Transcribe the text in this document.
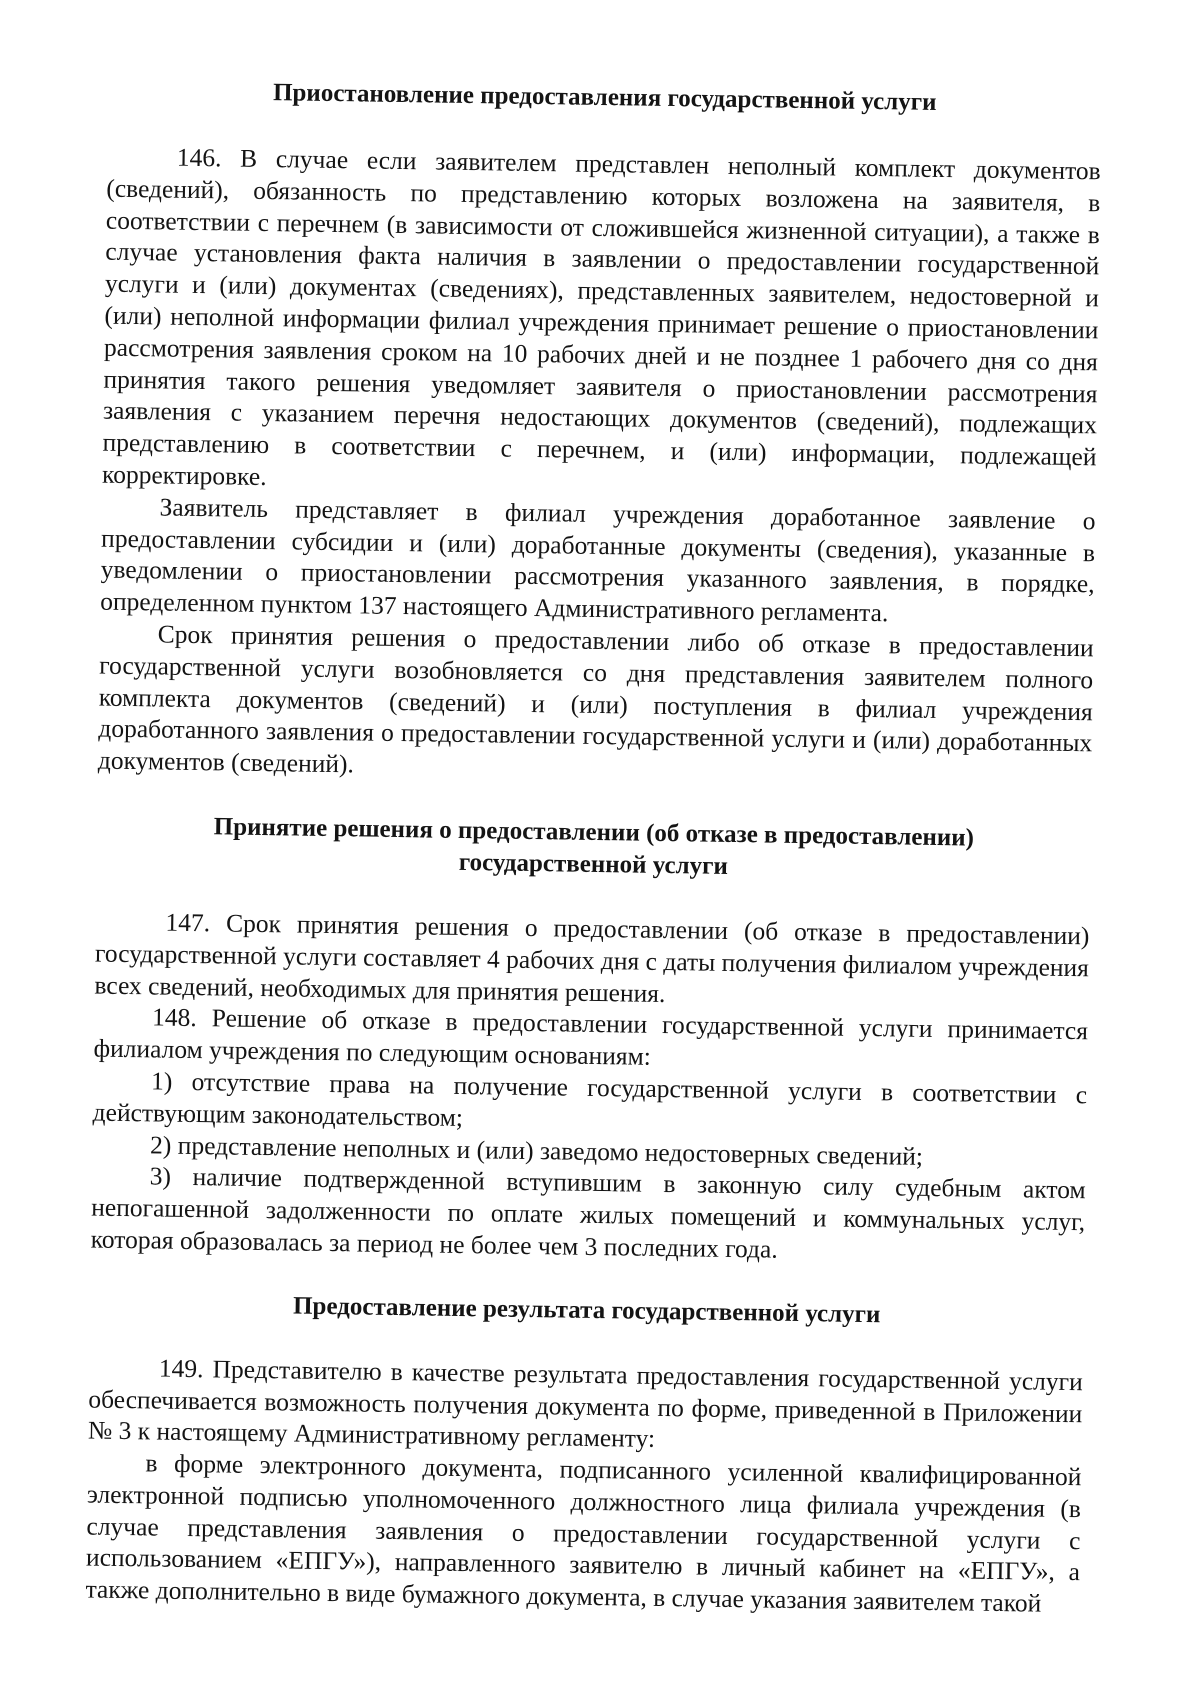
Приостановление предоставления государственной услуги

146. В случае если заявителем представлен неполный комплект документов (сведений), обязанность по представлению которых возложена на заявителя, в соответствии с перечнем (в зависимости от сложившейся жизненной ситуации), а также в случае установления факта наличия в заявлении о предоставлении государственной услуги и (или) документах (сведениях), представленных заявителем, недостоверной и (или) неполной информации филиал учреждения принимает решение о приостановлении рассмотрения заявления сроком на 10 рабочих дней и не позднее 1 рабочего дня со дня принятия такого решения уведомляет заявителя о приостановлении рассмотрения заявления с указанием перечня недостающих документов (сведений), подлежащих представлению в соответствии с перечнем, и (или) информации, подлежащей корректировке.

Заявитель представляет в филиал учреждения доработанное заявление о предоставлении субсидии и (или) доработанные документы (сведения), указанные в уведомлении о приостановлении рассмотрения указанного заявления, в порядке, определенном пунктом 137 настоящего Административного регламента.

Срок принятия решения о предоставлении либо об отказе в предоставлении государственной услуги возобновляется со дня представления заявителем полного комплекта документов (сведений) и (или) поступления в филиал учреждения доработанного заявления о предоставлении государственной услуги и (или) доработанных документов (сведений).

Принятие решения о предоставлении (об отказе в предоставлении)
государственной услуги

147. Срок принятия решения о предоставлении (об отказе в предоставлении) государственной услуги составляет 4 рабочих дня с даты получения филиалом учреждения всех сведений, необходимых для принятия решения.

148. Решение об отказе в предоставлении государственной услуги принимается филиалом учреждения по следующим основаниям:

1) отсутствие права на получение государственной услуги в соответствии с действующим законодательством;

2) представление неполных и (или) заведомо недостоверных сведений;

3) наличие подтвержденной вступившим в законную силу судебным актом непогашенной задолженности по оплате жилых помещений и коммунальных услуг, которая образовалась за период не более чем 3 последних года.

Предоставление результата государственной услуги

149. Представителю в качестве результата предоставления государственной услуги обеспечивается возможность получения документа по форме, приведенной в Приложении № 3 к настоящему Административному регламенту:

в форме электронного документа, подписанного усиленной квалифицированной электронной подписью уполномоченного должностного лица филиала учреждения (в случае представления заявления о предоставлении государственной услуги с использованием «ЕПГУ»), направленного заявителю в личный кабинет на «ЕПГУ», а также дополнительно в виде бумажного документа, в случае указания заявителем такой
